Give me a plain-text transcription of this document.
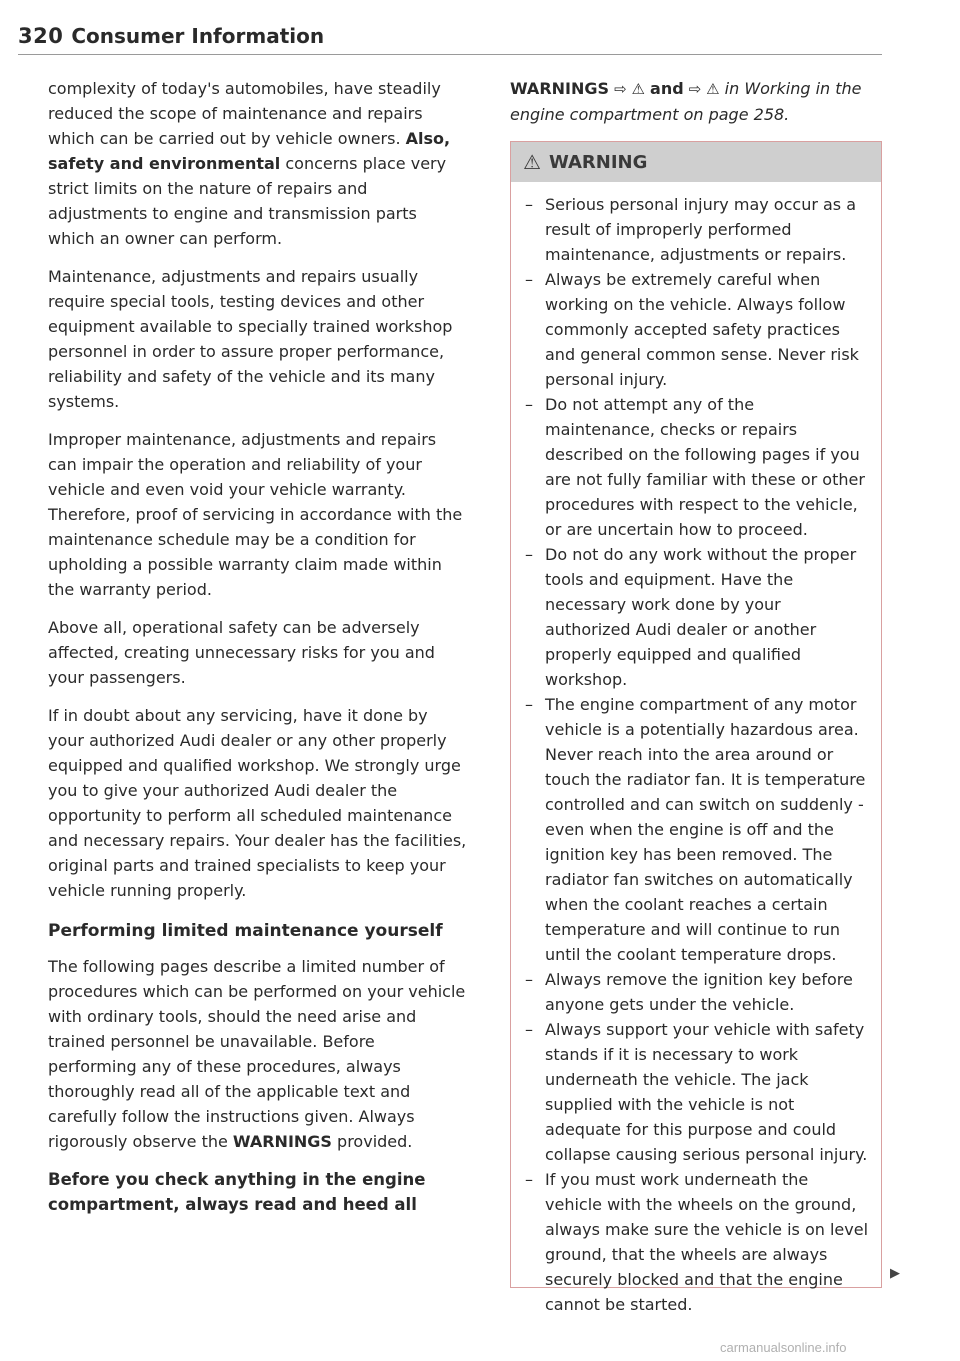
320 Consumer Information

complexity of today's automobiles, have steadily reduced the scope of maintenance and repairs which can be carried out by vehicle owners. Also, safety and environmental concerns place very strict limits on the nature of repairs and adjustments to engine and transmission parts which an owner can perform.

Maintenance, adjustments and repairs usually require special tools, testing devices and other equipment available to specially trained workshop personnel in order to assure proper performance, reliability and safety of the vehicle and its many systems.

Improper maintenance, adjustments and repairs can impair the operation and reliability of your vehicle and even void your vehicle warranty. Therefore, proof of servicing in accordance with the maintenance schedule may be a condition for upholding a possible warranty claim made within the warranty period.

Above all, operational safety can be adversely affected, creating unnecessary risks for you and your passengers.

If in doubt about any servicing, have it done by your authorized Audi dealer or any other properly equipped and qualified workshop. We strongly urge you to give your authorized Audi dealer the opportunity to perform all scheduled maintenance and necessary repairs. Your dealer has the facilities, original parts and trained specialists to keep your vehicle running properly.

Performing limited maintenance yourself

The following pages describe a limited number of procedures which can be performed on your vehicle with ordinary tools, should the need arise and trained personnel be unavailable. Before performing any of these procedures, always thoroughly read all of the applicable text and carefully follow the instructions given. Always rigorously observe the WARNINGS provided.

Before you check anything in the engine compartment, always read and heed all

WARNINGS ⇨ ⚠ and ⇨ ⚠ in Working in the engine compartment on page 258.

⚠ WARNING
– Serious personal injury may occur as a result of improperly performed maintenance, adjustments or repairs.
– Always be extremely careful when working on the vehicle. Always follow commonly accepted safety practices and general common sense. Never risk personal injury.
– Do not attempt any of the maintenance, checks or repairs described on the following pages if you are not fully familiar with these or other procedures with respect to the vehicle, or are uncertain how to proceed.
– Do not do any work without the proper tools and equipment. Have the necessary work done by your authorized Audi dealer or another properly equipped and qualified workshop.
– The engine compartment of any motor vehicle is a potentially hazardous area. Never reach into the area around or touch the radiator fan. It is temperature controlled and can switch on suddenly - even when the engine is off and the ignition key has been removed. The radiator fan switches on automatically when the coolant reaches a certain temperature and will continue to run until the coolant temperature drops.
– Always remove the ignition key before anyone gets under the vehicle.
– Always support your vehicle with safety stands if it is necessary to work underneath the vehicle. The jack supplied with the vehicle is not adequate for this purpose and could collapse causing serious personal injury.
– If you must work underneath the vehicle with the wheels on the ground, always make sure the vehicle is on level ground, that the wheels are always securely blocked and that the engine cannot be started.
▶
carmanualsonline.info
